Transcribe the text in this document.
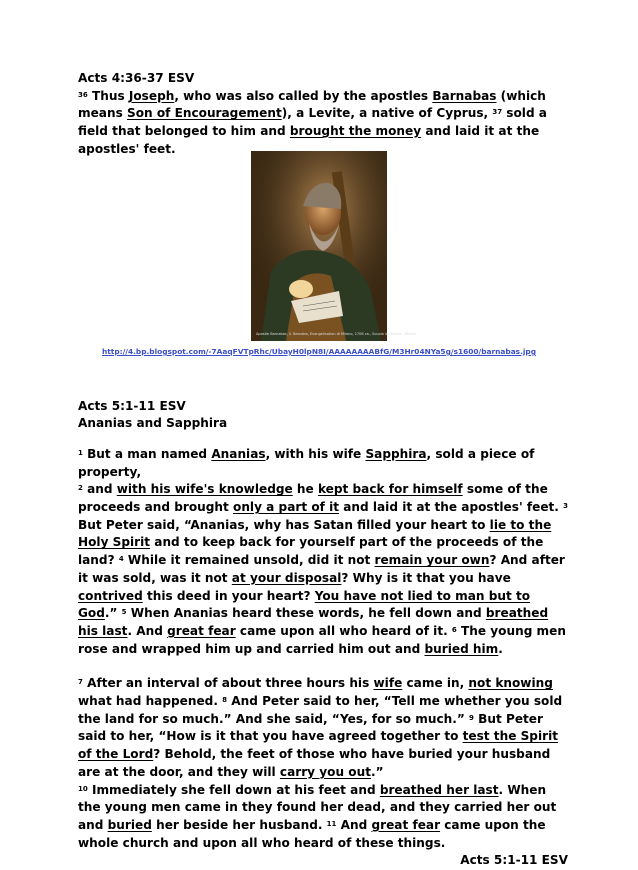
Acts 4:36-37 ESV

$^{36}$ Thus Joseph, who was also called by the apostles Barnabas (which means Son of Encouragement), a Levite, a native of Cyprus, $^{37}$ sold a field that belonged to him and brought the money and laid it at the apostles' feet.

Acts 5:1-11 ESV
Ananias and Sapphira

$^1$ But a man named Ananias, with his wife Sapphira, sold a piece of property,
$^2$ and with his wife's knowledge he kept back for himself some of the proceeds and brought only a part of it and laid it at the apostles' feet. $^3$ But Peter said, “Ananias, why has Satan filled your heart to lie to the Holy Spirit and to keep back for yourself part of the proceeds of the land? $^4$ While it remained unsold, did it not remain your own? And after it was sold, was it not at your disposal? Why is it that you have contrived this deed in your heart? You have not lied to man but to God.” $^5$ When Ananias heard these words, he fell down and breathed his last. And great fear came upon all who heard of it. $^6$ The young men rose and wrapped him up and carried him out and buried him.

$^7$ After an interval of about three hours his wife came in, not knowing what had happened. $^8$ And Peter said to her, “Tell me whether you sold the land for so much.” And she said, “Yes, for so much.” $^9$ But Peter said to her, “How is it that you have agreed together to test the Spirit of the Lord? Behold, the feet of those who have buried your husband are at the door, and they will carry you out.”
$^{10}$ Immediately she fell down at his feet and breathed her last. When the young men came in they found her dead, and they carried her out and buried her beside her husband. $^{11}$ And great fear came upon the whole church and upon all who heard of these things.

Acts 5:1-11 ESV
Apostle Barnabas, il. Barnaba, Evangelisation di Milano, 1706 ca., Scuola lombarda - Milano
http://4.bp.blogspot.com/-7AaqFVTpRhc/UbayH0lpN8I/AAAAAAAABfG/M3Hr04NYa5g/s1600/barnabas.jpg
